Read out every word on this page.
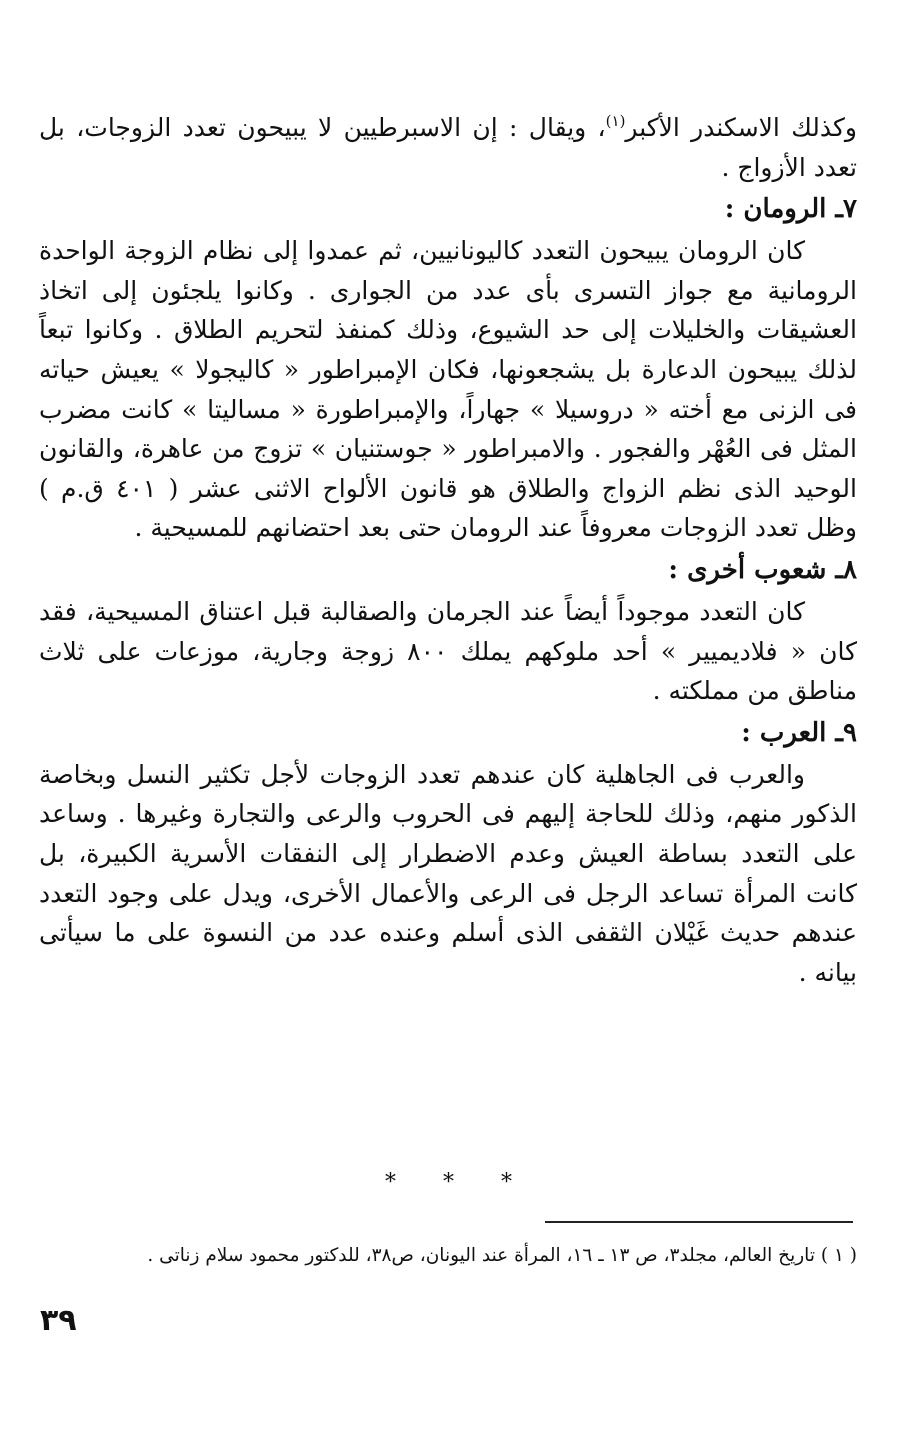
وكذلك الاسكندر الأكبر$^{(١)}$، ويقال : إن الاسبرطيين لا يبيحون تعدد الزوجات، بل تعدد الأزواج .

٧ـ الرومان :

كان الرومان يبيحون التعدد كاليونانيين، ثم عمدوا إلى نظام الزوجة الواحدة الرومانية مع جواز التسرى بأى عدد من الجوارى . وكانوا يلجئون إلى اتخاذ العشيقات والخليلات إلى حد الشيوع، وذلك كمنفذ لتحريم الطلاق . وكانوا تبعاً لذلك يبيحون الدعارة بل يشجعونها، فكان الإمبراطور « كاليجولا » يعيش حياته فى الزنى مع أخته « دروسيلا » جهاراً، والإمبراطورة « مساليتا » كانت مضرب المثل فى العُهْر والفجور . والامبراطور « جوستنيان » تزوج من عاهرة، والقانون الوحيد الذى نظم الزواج والطلاق هو قانون الألواح الاثنى عشر ( ٤٠١ ق.م ) وظل تعدد الزوجات معروفاً عند الرومان حتى بعد احتضانهم للمسيحية .

٨ـ شعوب أخرى :

كان التعدد موجوداً أيضاً عند الجرمان والصقالبة قبل اعتناق المسيحية، فقد كان « فلاديميير » أحد ملوكهم يملك ٨٠٠ زوجة وجارية، موزعات على ثلاث مناطق من مملكته .

٩ـ العرب :

والعرب فى الجاهلية كان عندهم تعدد الزوجات لأجل تكثير النسل وبخاصة الذكور منهم، وذلك للحاجة إليهم فى الحروب والرعى والتجارة وغيرها . وساعد على التعدد بساطة العيش وعدم الاضطرار إلى النفقات الأسرية الكبيرة، بل كانت المرأة تساعد الرجل فى الرعى والأعمال الأخرى، ويدل على وجود التعدد عندهم حديث غَيْلان الثقفى الذى أسلم وعنده عدد من النسوة على ما سيأتى بيانه .

* * *

( ١ ) تاريخ العالم، مجلد٣، ص ١٣ ـ ١٦، المرأة عند اليونان، ص٣٨، للدكتور محمود سلام زناتى .

٣٩
